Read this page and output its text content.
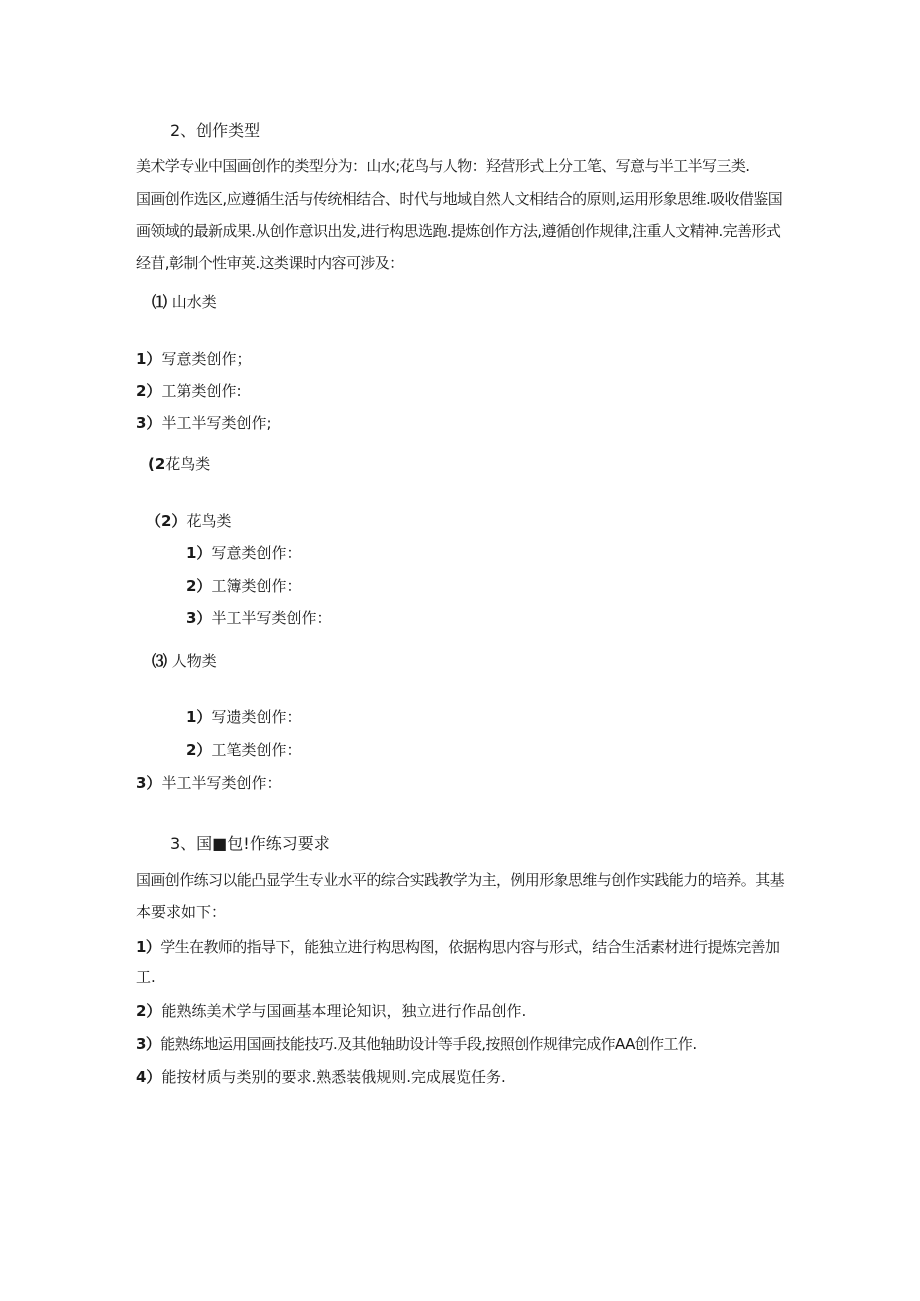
2、创作类型
美术学专业中国画创作的类型分为：山水;花鸟与人物：羟营形式上分工笔、写意与半工半写三类.
国画创作选区,应遵循生活与传统相结合、时代与地域自然人文相结合的原则,运用形象思维.吸收借鉴国
画领域的最新成果.从创作意识出发,进行构思选跑.提炼创作方法,遵循创作规律,注重人文精神.完善形式
经苜,彰制个性审荚.这类课时内容可涉及：
⑴ 山水类
1）写意类创作；
2）工第类创作:
3）半工半写类创作;
(2花鸟类
（2）花鸟类
1）写意类创作：
2）工簿类创作：
3）半工半写类创作：
⑶ 人物类
1）写遗类创作：
2）工笔类创作：
3）半工半写类创作：
3、国■包!作练习要求
国画创作练习以能凸显学生专业水平的综合实践教学为主，例用形象思维与创作实践能力的培养。其基
本要求如下：
1）学生在教师的指导下，能独立进行构思构图，依据构思内容与形式，结合生活素材进行提炼完善加
工.
2）能熟练美术学与国画基本理论知识，独立进行作品创作.
3）能熟练地运用国画技能技巧.及其他轴助设计等手段,按照创作规律完成作AA创作工作.
4）能按材质与类别的要求.熟悉装俄规则.完成展览任务.
